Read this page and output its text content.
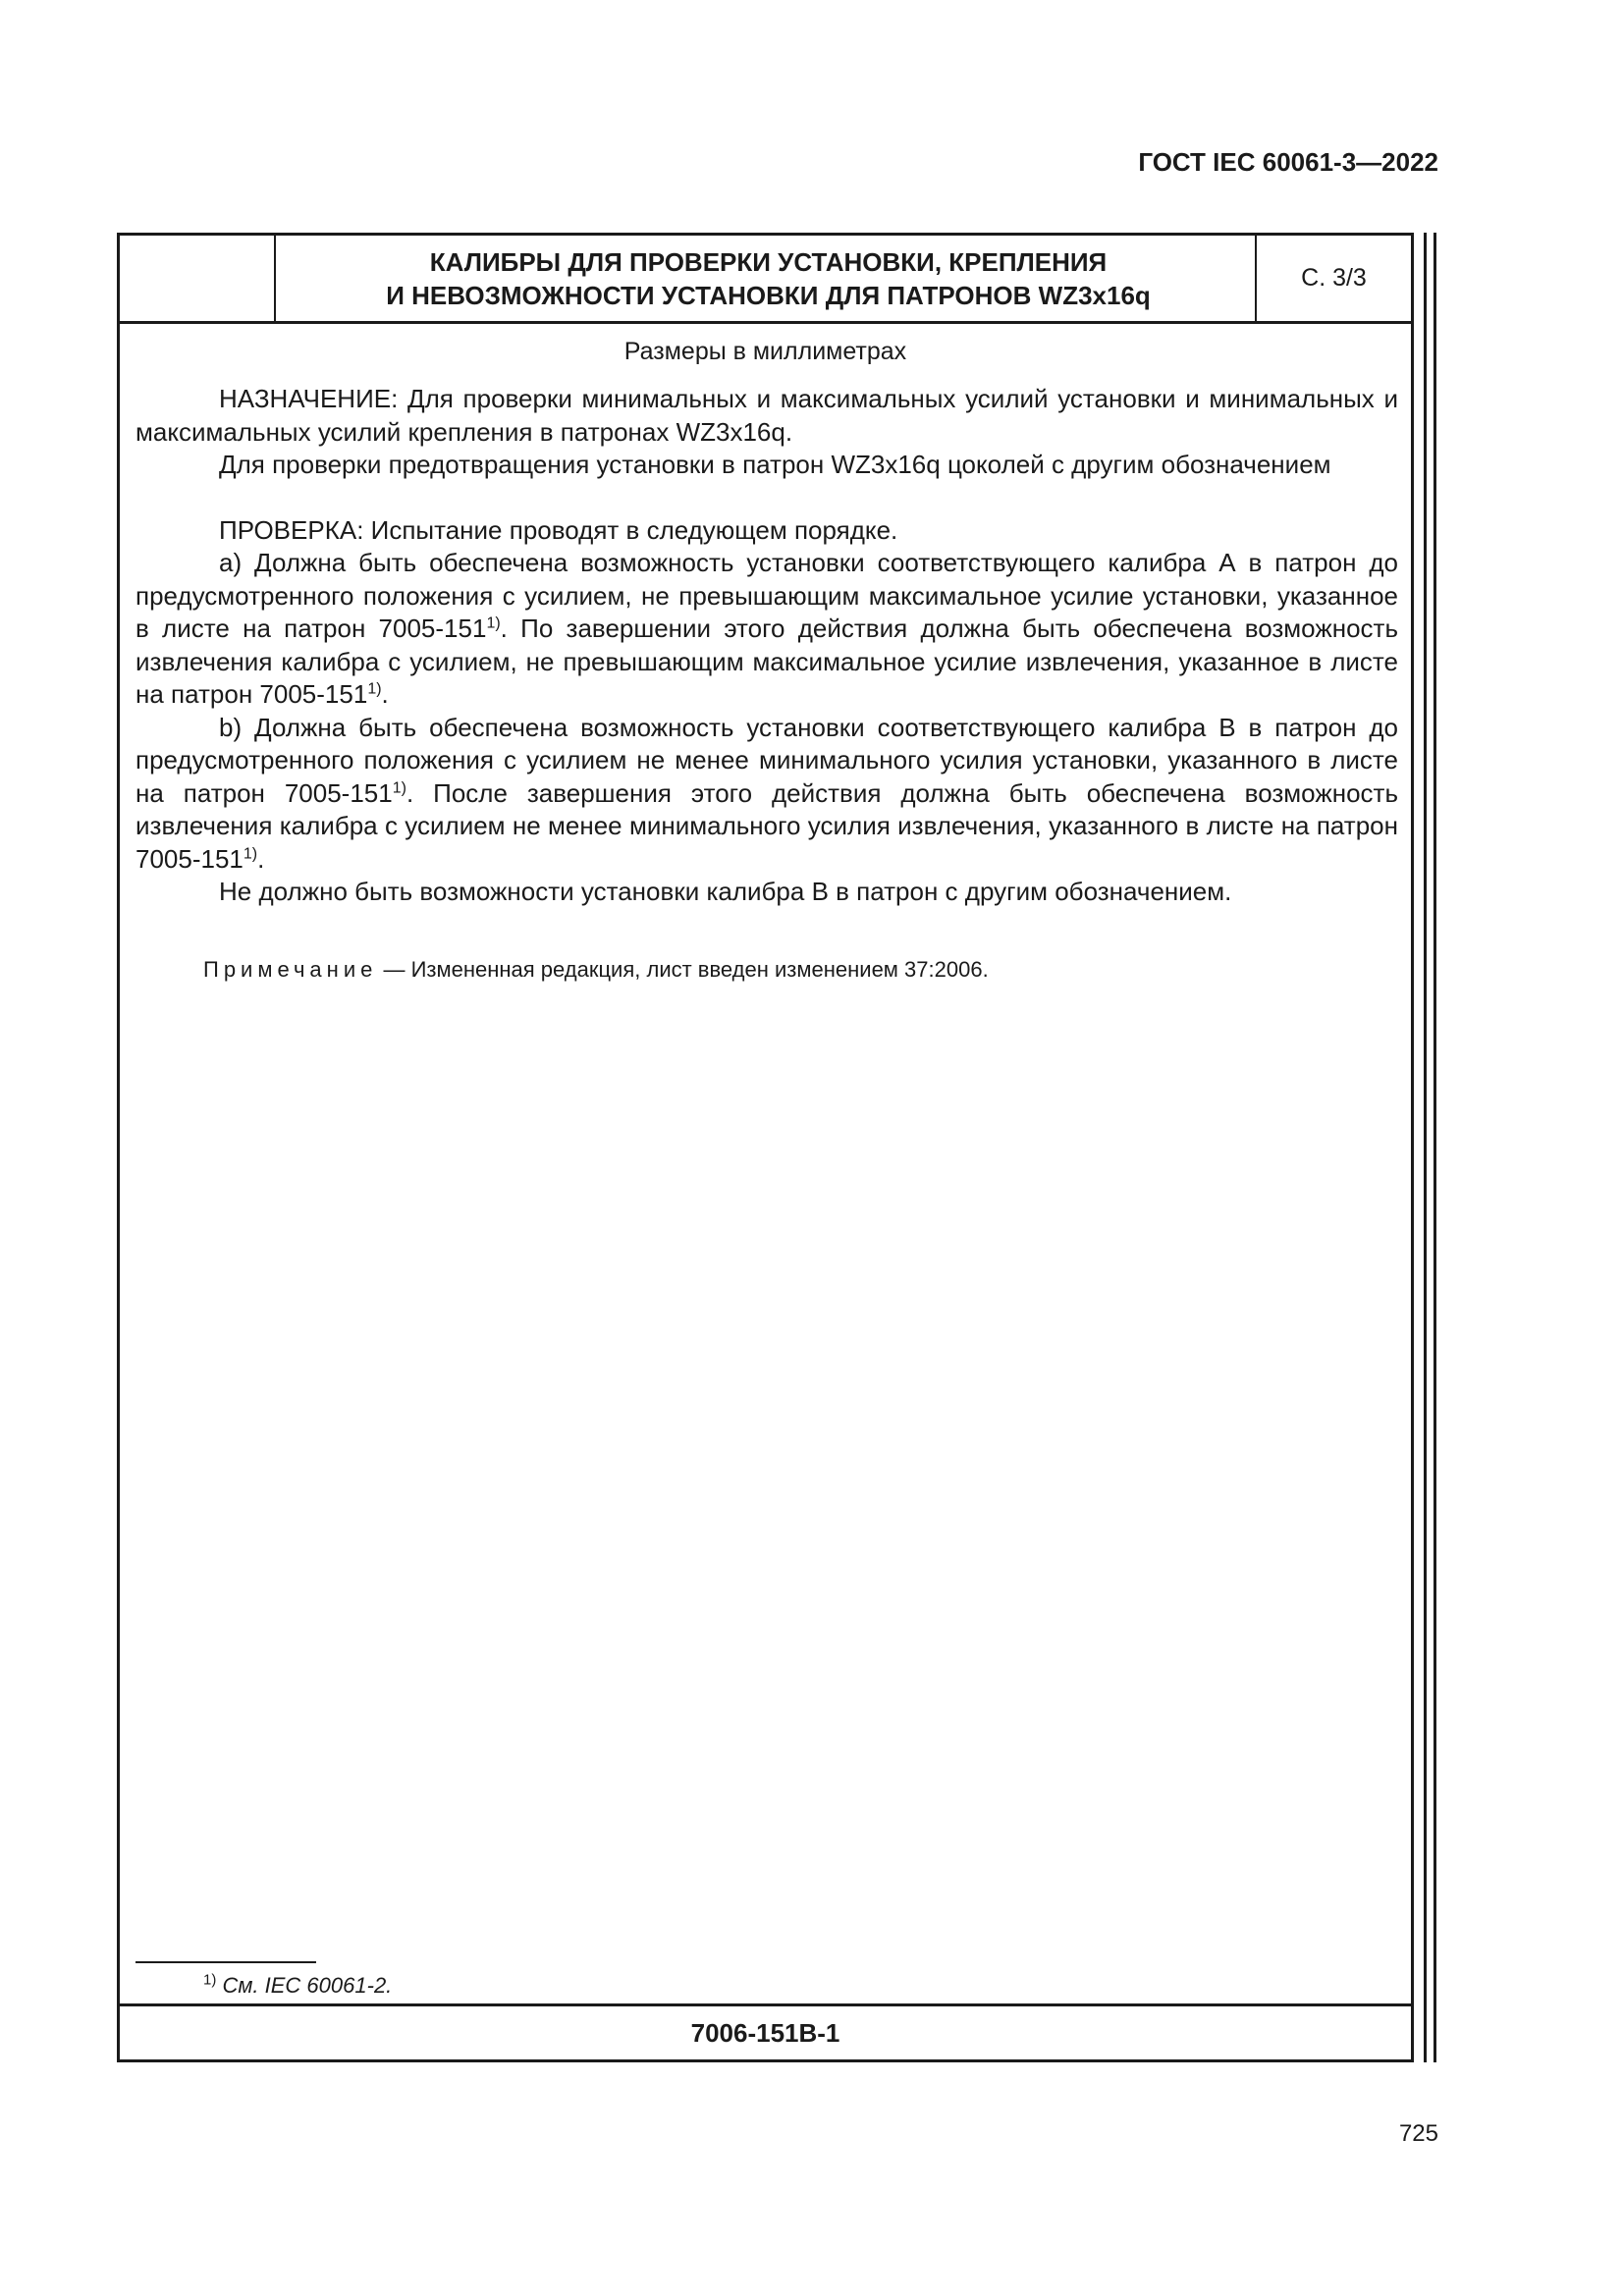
ГОСТ IEC 60061-3—2022
КАЛИБРЫ ДЛЯ ПРОВЕРКИ УСТАНОВКИ, КРЕПЛЕНИЯ
И НЕВОЗМОЖНОСТИ УСТАНОВКИ ДЛЯ ПАТРОНОВ WZ3x16q
С. 3/3
Размеры в миллиметрах

НАЗНАЧЕНИЕ: Для проверки минимальных и максимальных усилий установки и минимальных и максимальных усилий крепления в патронах WZ3x16q.

Для проверки предотвращения установки в патрон WZ3x16q цоколей с другим обозначением

ПРОВЕРКА: Испытание проводят в следующем порядке.

a) Должна быть обеспечена возможность установки соответствующего калибра А в патрон до предусмотренного положения с усилием, не превышающим максимальное усилие установки, указанное в листе на патрон 7005-151$^{1)}$. По завершении этого действия должна быть обеспечена возможность извлечения калибра с усилием, не превышающим максимальное усилие извлечения, указанное в листе на патрон 7005-151$^{1)}$.

b) Должна быть обеспечена возможность установки соответствующего калибра В в патрон до предусмотренного положения с усилием не менее минимального усилия установки, указанного в листе на патрон 7005-151$^{1)}$. После завершения этого действия должна быть обеспечена возможность извлечения калибра с усилием не менее минимального усилия извлечения, указанного в листе на патрон 7005-151$^{1)}$.

Не должно быть возможности установки калибра В в патрон с другим обозначением.

Примечание — Измененная редакция, лист введен изменением 37:2006.
$^{1)}$ См. IEC 60061-2.
7006-151B-1
725
